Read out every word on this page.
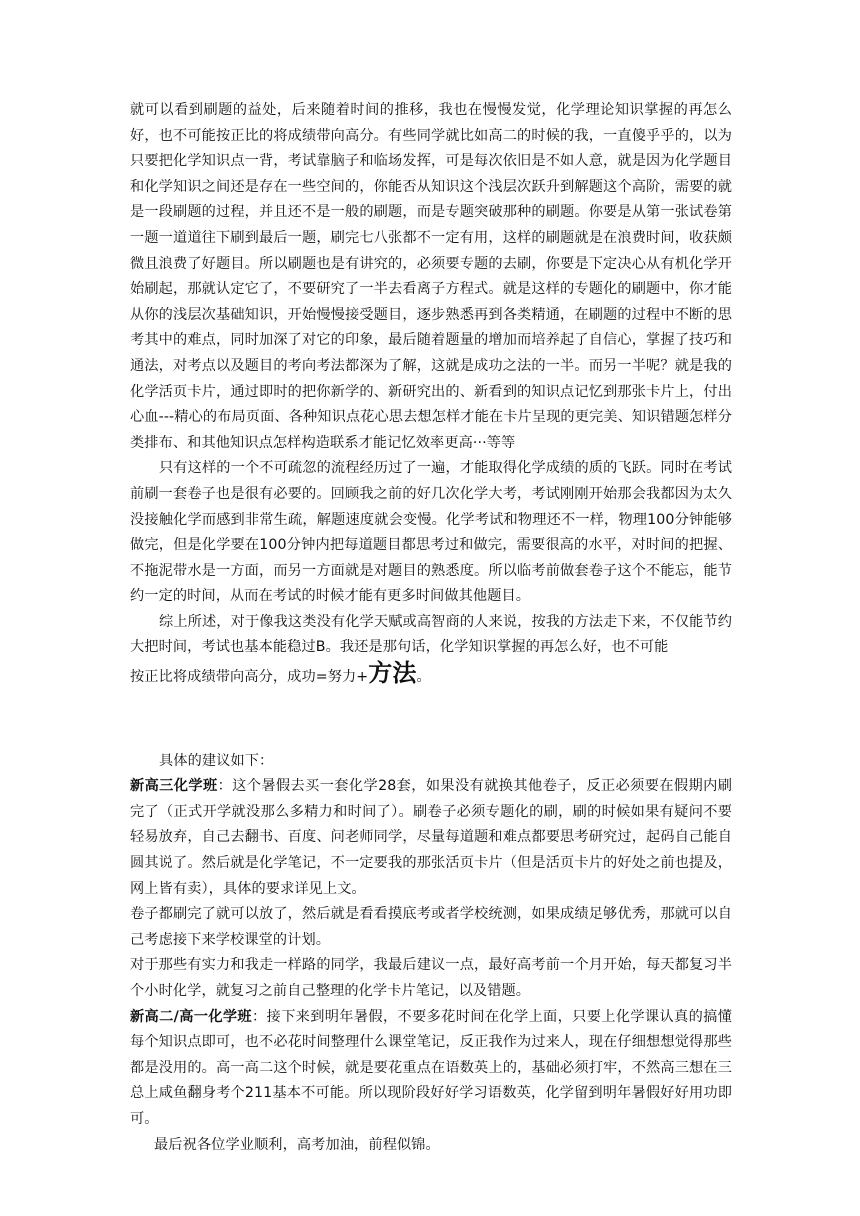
就可以看到刷题的益处，后来随着时间的推移，我也在慢慢发觉，化学理论知识掌握的再怎么好，也不可能按正比的将成绩带向高分。有些同学就比如高二的时候的我，一直傻乎乎的，以为只要把化学知识点一背，考试靠脑子和临场发挥，可是每次依旧是不如人意，就是因为化学题目和化学知识之间还是存在一些空间的，你能否从知识这个浅层次跃升到解题这个高阶，需要的就是一段刷题的过程，并且还不是一般的刷题，而是专题突破那种的刷题。你要是从第一张试卷第一题一道道往下刷到最后一题，刷完七八张都不一定有用，这样的刷题就是在浪费时间，收获颇微且浪费了好题目。所以刷题也是有讲究的，必须要专题的去刷，你要是下定决心从有机化学开始刷起，那就认定它了，不要研究了一半去看离子方程式。就是这样的专题化的刷题中，你才能从你的浅层次基础知识，开始慢慢接受题目，逐步熟悉再到各类精通，在刷题的过程中不断的思考其中的难点，同时加深了对它的印象，最后随着题量的增加而培养起了自信心，掌握了技巧和通法，对考点以及题目的考向考法都深为了解，这就是成功之法的一半。而另一半呢？就是我的化学活页卡片，通过即时的把你新学的、新研究出的、新看到的知识点记忆到那张卡片上，付出心血---精心的布局页面、各种知识点花心思去想怎样才能在卡片呈现的更完美、知识错题怎样分类排布、和其他知识点怎样构造联系才能记忆效率更高···等等

只有这样的一个不可疏忽的流程经历过了一遍，才能取得化学成绩的质的飞跃。同时在考试前刷一套卷子也是很有必要的。回顾我之前的好几次化学大考，考试刚刚开始那会我都因为太久没接触化学而感到非常生疏，解题速度就会变慢。化学考试和物理还不一样，物理100分钟能够做完，但是化学要在100分钟内把每道题目都思考过和做完，需要很高的水平，对时间的把握、不拖泥带水是一方面，而另一方面就是对题目的熟悉度。所以临考前做套卷子这个不能忘，能节约一定的时间，从而在考试的时候才能有更多时间做其他题目。

综上所述，对于像我这类没有化学天赋或高智商的人来说，按我的方法走下来，不仅能节约大把时间，考试也基本能稳过B。我还是那句话，化学知识掌握的再怎么好，也不可能

按正比将成绩带向高分，成功=努力+方法。

具体的建议如下：

新高三化学班：这个暑假去买一套化学28套，如果没有就换其他卷子，反正必须要在假期内刷完了（正式开学就没那么多精力和时间了）。刷卷子必须专题化的刷，刷的时候如果有疑问不要轻易放弃，自己去翻书、百度、问老师同学，尽量每道题和难点都要思考研究过，起码自己能自圆其说了。然后就是化学笔记，不一定要我的那张活页卡片（但是活页卡片的好处之前也提及，网上皆有卖），具体的要求详见上文。

卷子都刷完了就可以放了，然后就是看看摸底考或者学校统测，如果成绩足够优秀，那就可以自己考虑接下来学校课堂的计划。

对于那些有实力和我走一样路的同学，我最后建议一点，最好高考前一个月开始，每天都复习半个小时化学，就复习之前自己整理的化学卡片笔记，以及错题。

新高二/高一化学班：接下来到明年暑假，不要多花时间在化学上面，只要上化学课认真的搞懂每个知识点即可，也不必花时间整理什么课堂笔记，反正我作为过来人，现在仔细想想觉得那些都是没用的。高一高二这个时候，就是要花重点在语数英上的，基础必须打牢，不然高三想在三总上咸鱼翻身考个211基本不可能。所以现阶段好好学习语数英，化学留到明年暑假好好用功即可。

最后祝各位学业顺利，高考加油，前程似锦。
